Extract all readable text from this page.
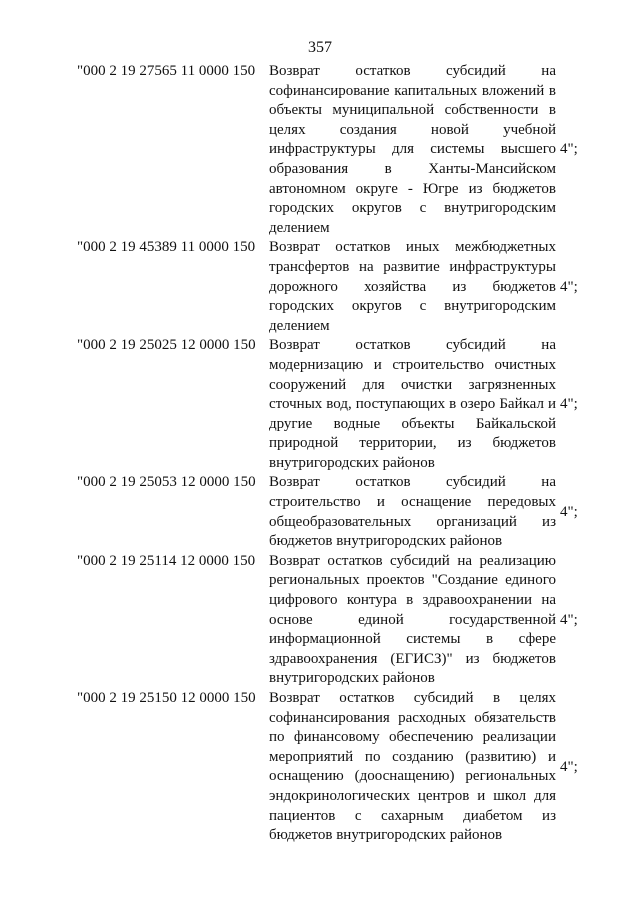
357
"000 2 19 27565 11 0000 150 Возврат остатков субсидий на софинансирование капитальных вложений в объекты муниципальной собственности в целях создания новой учебной инфраструктуры для системы высшего образования в Ханты-Мансийском автономном округе - Югре из бюджетов городских округов с внутригородским делением
4";
"000 2 19 45389 11 0000 150 Возврат остатков иных межбюджетных трансфертов на развитие инфраструктуры дорожного хозяйства из бюджетов городских округов с внутригородским делением
4";
"000 2 19 25025 12 0000 150 Возврат остатков субсидий на модернизацию и строительство очистных сооружений для очистки загрязненных сточных вод, поступающих в озеро Байкал и другие водные объекты Байкальской природной территории, из бюджетов внутригородских районов
4";
"000 2 19 25053 12 0000 150 Возврат остатков субсидий на строительство и оснащение передовых общеобразовательных организаций из бюджетов внутригородских районов
4";
"000 2 19 25114 12 0000 150 Возврат остатков субсидий на реализацию региональных проектов "Создание единого цифрового контура в здравоохранении на основе единой государственной информационной системы в сфере здравоохранения (ЕГИСЗ)" из бюджетов внутригородских районов
4";
"000 2 19 25150 12 0000 150 Возврат остатков субсидий в целях софинансирования расходных обязательств по финансовому обеспечению реализации мероприятий по созданию (развитию) и оснащению (дооснащению) региональных эндокринологических центров и школ для пациентов с сахарным диабетом из бюджетов внутригородских районов
4";
